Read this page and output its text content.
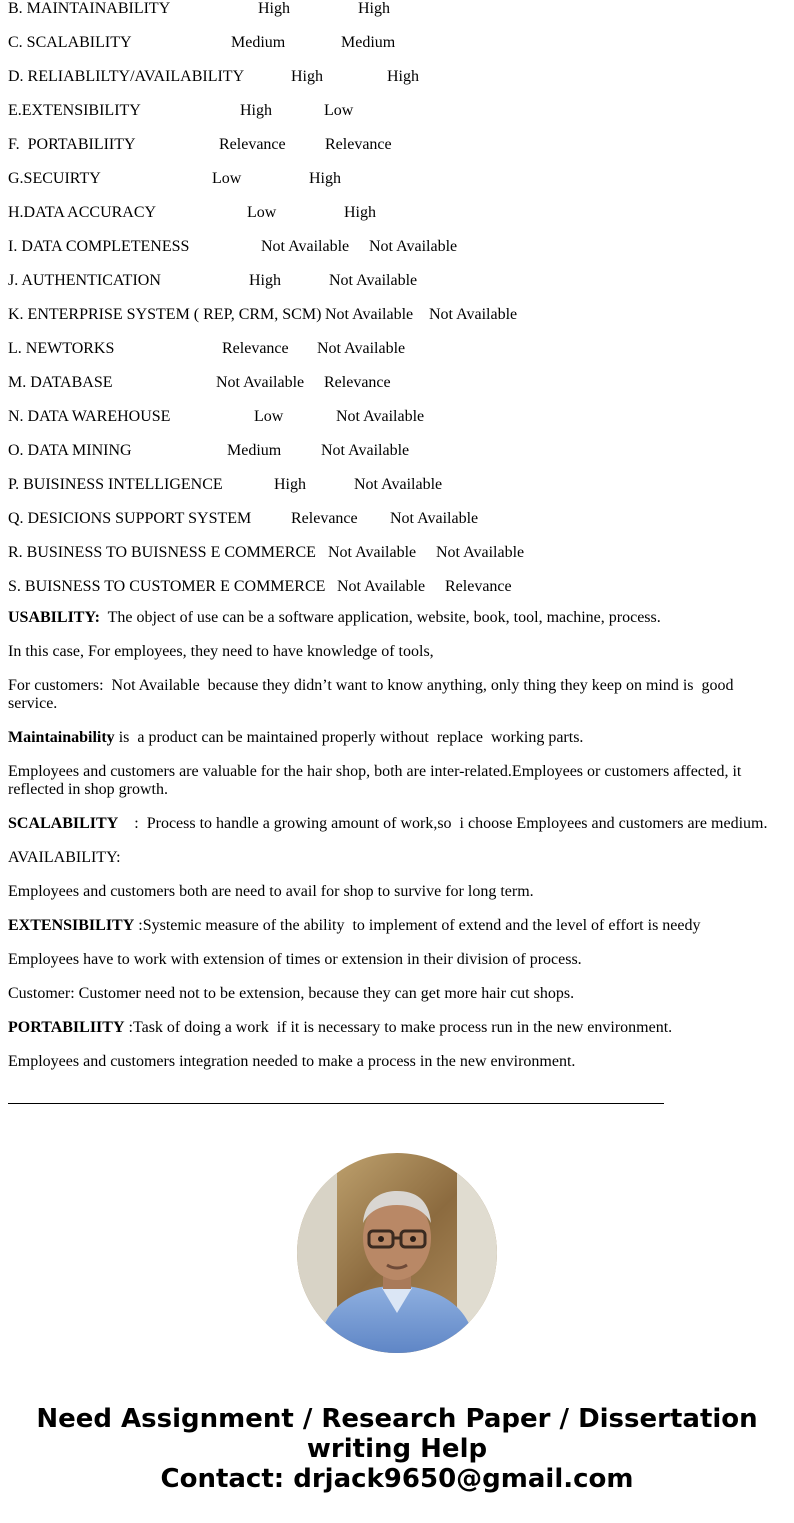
B. MAINTAINABILITY	High	High
C. SCALABILITY	Medium	Medium
D. RELIABLILTY/AVAILABILITY	High	High
E.EXTENSIBILITY	High	Low
F.  PORTABILIITY	Relevance Relevance
G.SECUIRTY	Low	High
H.DATA ACCURACY	Low	High
I. DATA COMPLETENESS	Not Available Not Available
J. AUTHENTICATION	High	Not Available
K. ENTERPRISE SYSTEM ( REP, CRM, SCM) Not Available Not Available
L. NEWTORKS	Relevance Not Available
M. DATABASE	Not Available Relevance
N. DATA WAREHOUSE	Low	Not Available
O. DATA MINING	Medium Not Available
P. BUISINESS INTELLIGENCE	High	Not Available
Q. DESICIONS SUPPORT SYSTEM Relevance Not Available
R. BUSINESS TO BUISNESS E COMMERCE Not Available Not Available
S. BUISNESS TO CUSTOMER E COMMERCE Not Available Relevance

USABILITY:  The object of use can be a software application, website, book, tool, machine, process.

In this case, For employees, they need to have knowledge of tools,

For customers:  Not Available  because they didn’t want to know anything, only thing they keep on mind is  good service.

Maintainability is  a product can be maintained properly without  replace  working parts.

Employees and customers are valuable for the hair shop, both are inter-related.Employees or customers affected, it reflected in shop growth.

SCALABILITY    :  Process to handle a growing amount of work,so  i choose Employees and customers are medium.

AVAILABILITY:

Employees and customers both are need to avail for shop to survive for long term.

EXTENSIBILITY :Systemic measure of the ability  to implement of extend and the level of effort is needy

Employees have to work with extension of times or extension in their division of process.

Customer: Customer need not to be extension, because they can get more hair cut shops.

PORTABILIITY :Task of doing a work  if it is necessary to make process run in the new environment.

Employees and customers integration needed to make a process in the new environment.

Need Assignment / Research Paper / Dissertation
writing Help
Contact: drjack9650@gmail.com
